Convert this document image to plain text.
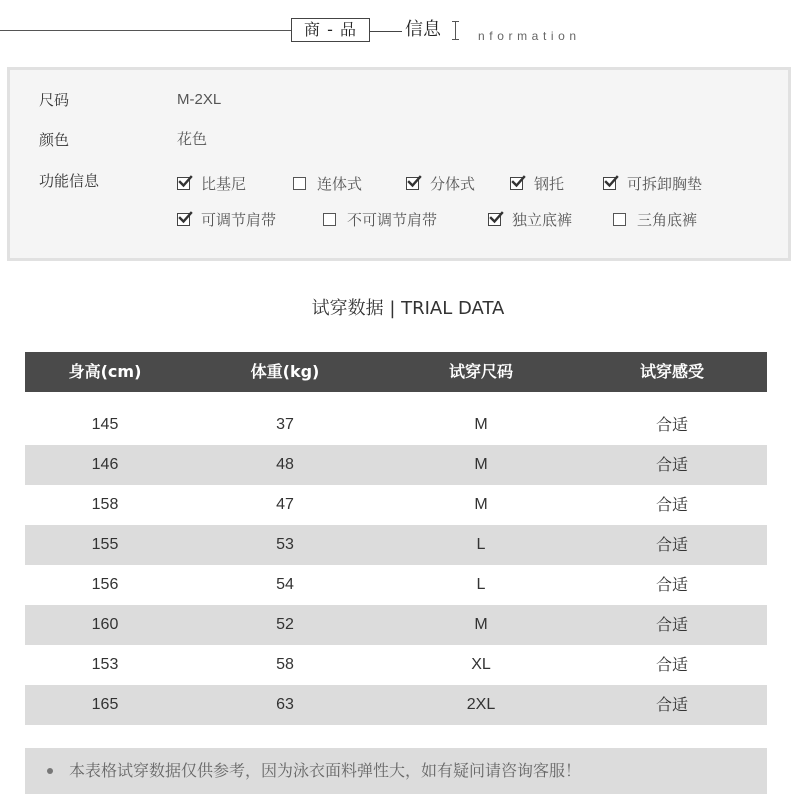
商 - 品	信息	nformation
尺码	M-2XL
颜色	花色
功能信息	比基尼	连体式	分体式	钢托	可拆卸胸垫
可调节肩带	不可调节肩带	独立底裤	三角底裤
试穿数据 | TRIAL DATA
身高(cm)	体重(kg)	试穿尺码	试穿感受
145	37	M	合适
146	48	M	合适
158	47	M	合适
155	53	L	合适
156	54	L	合适
160	52	M	合适
153	58	XL	合适
165	63	2XL	合适
本表格试穿数据仅供参考，因为泳衣面料弹性大，如有疑问请咨询客服！
